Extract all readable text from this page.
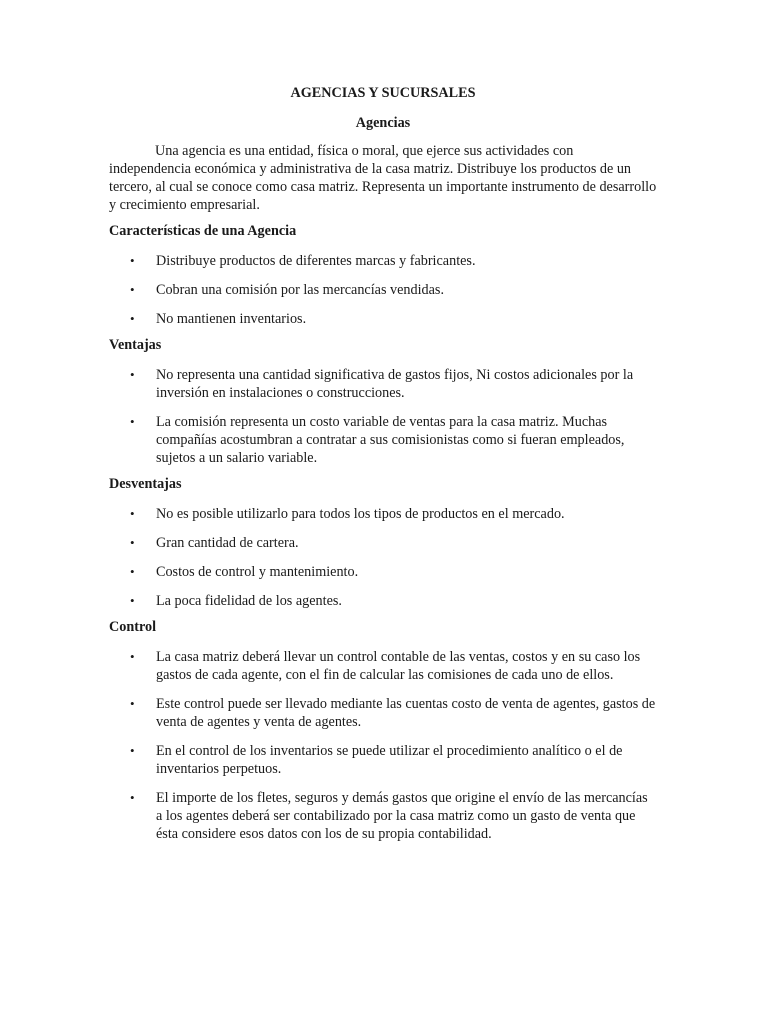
AGENCIAS Y SUCURSALES

Agencias

Una agencia es una entidad, física o moral, que ejerce sus actividades con independencia económica y administrativa de la casa matriz. Distribuye los productos de un tercero, al cual se conoce como casa matriz. Representa un importante instrumento de desarrollo y crecimiento empresarial.

Características de una Agencia

• Distribuye productos de diferentes marcas y fabricantes.
• Cobran una comisión por las mercancías vendidas.
• No mantienen inventarios.

Ventajas

• No representa una cantidad significativa de gastos fijos, Ni costos adicionales por la inversión en instalaciones o construcciones.
• La comisión representa un costo variable de ventas para la casa matriz. Muchas compañías acostumbran a contratar a sus comisionistas como si fueran empleados, sujetos a un salario variable.

Desventajas

• No es posible utilizarlo para todos los tipos de productos en el mercado.
• Gran cantidad de cartera.
• Costos de control y mantenimiento.
• La poca fidelidad de los agentes.

Control

• La casa matriz deberá llevar un control contable de las ventas, costos y en su caso los gastos de cada agente, con el fin de calcular las comisiones de cada uno de ellos.
• Este control puede ser llevado mediante las cuentas costo de venta de agentes, gastos de venta de agentes y venta de agentes.
• En el control de los inventarios se puede utilizar el procedimiento analítico o el de inventarios perpetuos.
• El importe de los fletes, seguros y demás gastos que origine el envío de las mercancías a los agentes deberá ser contabilizado por la casa matriz como un gasto de venta que ésta considere esos datos con los de su propia contabilidad.
